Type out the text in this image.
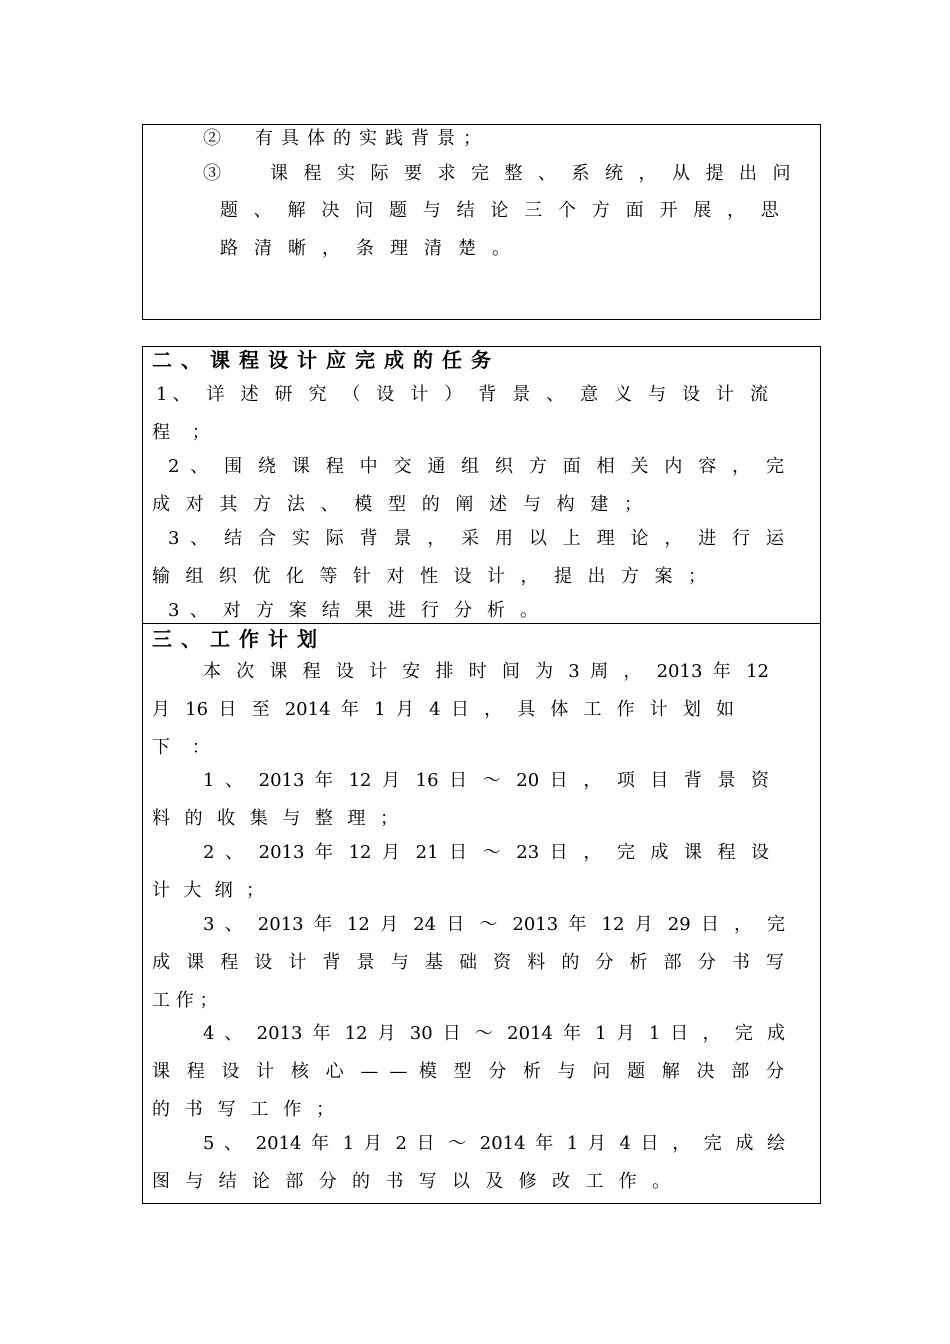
②　有具体的实践背景；

③　课程实际要求完整、系统，从提出问

题、解决问题与结论三个方面开展，思

路清晰，条理清楚。

二、课程设计应完成的任务

1、 详 述 研 究 （ 设 计 ） 背 景 、 意 义 与 设 计 流

程 ；

2 、 围 绕 课 程 中 交 通 组 织 方 面 相 关 内 容 ， 完

成 对 其 方 法 、 模 型 的 阐 述 与 构 建 ；

3 、 结 合 实 际 背 景 ， 采 用 以 上 理 论 ， 进 行 运

输 组 织 优 化 等 针 对 性 设 计 ， 提 出 方 案 ；

3 、 对 方 案 结 果 进 行 分 析 。

三、工作计划

本 次 课 程 设 计 安 排 时 间 为 3 周 ， 2013 年 12

月 16 日 至 2014 年 1 月 4 日 ， 具 体 工 作 计 划 如

下 ：

1 、 2013 年 12 月 16 日 ～ 20 日 ， 项 目 背 景 资

料 的 收 集 与 整 理 ；

2 、 2013 年 12 月 21 日 ～ 23 日 ， 完 成 课 程 设

计 大 纲 ；

3 、 2013 年 12 月 24 日 ～ 2013 年 12 月 29 日 ， 完

成 课 程 设 计 背 景 与 基 础 资 料 的 分 析 部 分 书 写

工 作 ；

4 、 2013 年 12 月 30 日 ～ 2014 年 1 月 1 日 ， 完 成

课 程 设 计 核 心 — — 模 型 分 析 与 问 题 解 决 部 分

的 书 写 工 作 ；

5 、 2014 年 1 月 2 日 ～ 2014 年 1 月 4 日 ， 完 成 绘

图 与 结 论 部 分 的 书 写 以 及 修 改 工 作 。
